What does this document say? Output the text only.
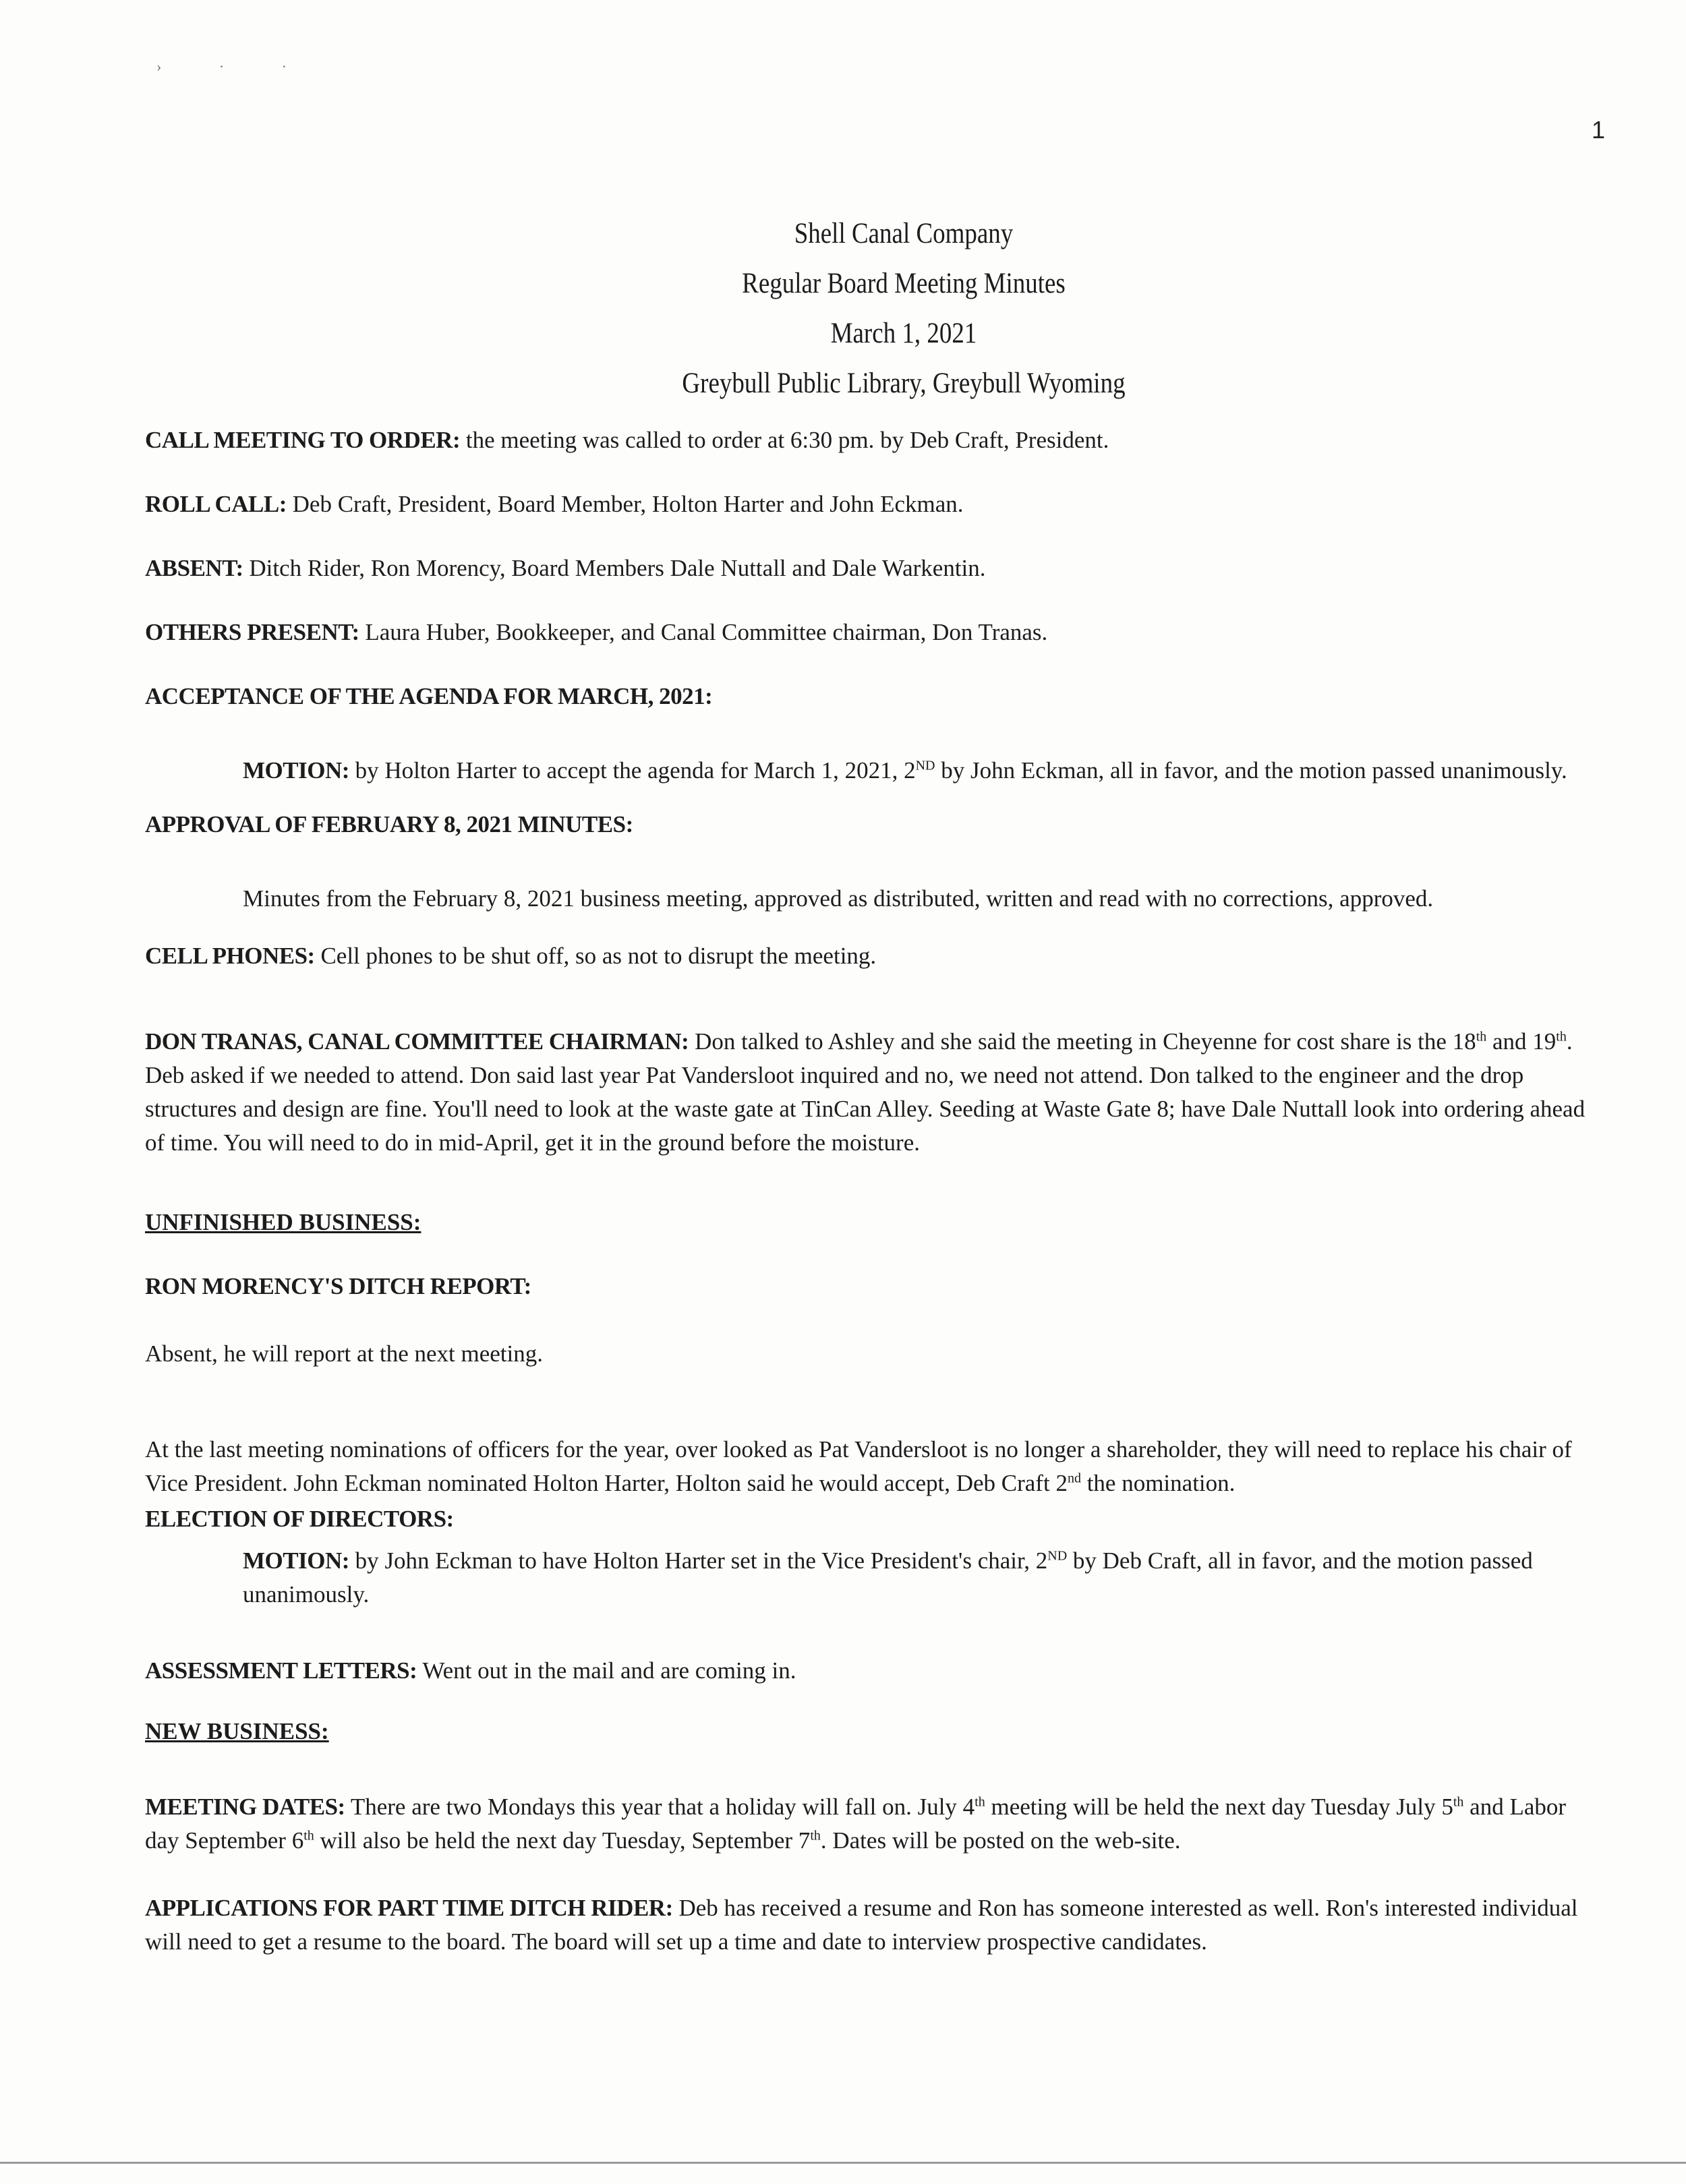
› · ·
1
Shell Canal Company
Regular Board Meeting Minutes
March 1, 2021
Greybull Public Library, Greybull Wyoming
CALL MEETING TO ORDER: the meeting was called to order at 6:30 pm. by Deb Craft, President.
ROLL CALL: Deb Craft, President, Board Member, Holton Harter and John Eckman.
ABSENT: Ditch Rider, Ron Morency, Board Members Dale Nuttall and Dale Warkentin.
OTHERS PRESENT: Laura Huber, Bookkeeper, and Canal Committee chairman, Don Tranas.
ACCEPTANCE OF THE AGENDA FOR MARCH, 2021:
MOTION: by Holton Harter to accept the agenda for March 1, 2021, 2ND by John Eckman, all in favor, and the motion passed unanimously.
APPROVAL OF FEBRUARY 8, 2021 MINUTES:
Minutes from the February 8, 2021 business meeting, approved as distributed, written and read with no corrections, approved.
CELL PHONES: Cell phones to be shut off, so as not to disrupt the meeting.
DON TRANAS, CANAL COMMITTEE CHAIRMAN: Don talked to Ashley and she said the meeting in Cheyenne for cost share is the 18th and 19th. Deb asked if we needed to attend. Don said last year Pat Vandersloot inquired and no, we need not attend. Don talked to the engineer and the drop structures and design are fine. You'll need to look at the waste gate at TinCan Alley. Seeding at Waste Gate 8; have Dale Nuttall look into ordering ahead of time. You will need to do in mid-April, get it in the ground before the moisture.
UNFINISHED BUSINESS:
RON MORENCY'S DITCH REPORT:
Absent, he will report at the next meeting.
At the last meeting nominations of officers for the year, over looked as Pat Vandersloot is no longer a shareholder, they will need to replace his chair of Vice President. John Eckman nominated Holton Harter, Holton said he would accept, Deb Craft 2nd the nomination.
ELECTION OF DIRECTORS:
MOTION: by John Eckman to have Holton Harter set in the Vice President's chair, 2ND by Deb Craft, all in favor, and the motion passed unanimously.
ASSESSMENT LETTERS: Went out in the mail and are coming in.
NEW BUSINESS:
MEETING DATES: There are two Mondays this year that a holiday will fall on. July 4th meeting will be held the next day Tuesday July 5th and Labor day September 6th will also be held the next day Tuesday, September 7th. Dates will be posted on the web-site.
APPLICATIONS FOR PART TIME DITCH RIDER: Deb has received a resume and Ron has someone interested as well. Ron's interested individual will need to get a resume to the board. The board will set up a time and date to interview prospective candidates.
